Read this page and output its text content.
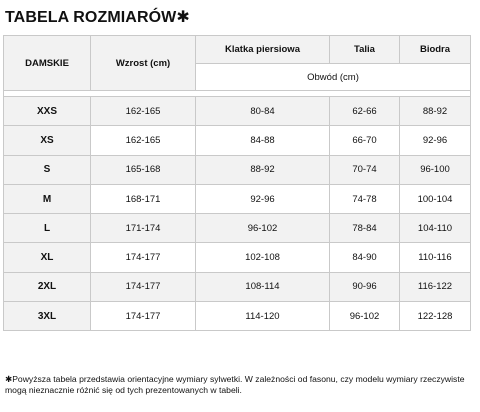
TABELA ROZMIARÓW✱
DAMSKIE	Wzrost (cm)	Klatka piersiowa	Talia	Biodra
		Obwód (cm)		

XXS	162-165	80-84	62-66	88-92
XS	162-165	84-88	66-70	92-96
S	165-168	88-92	70-74	96-100
M	168-171	92-96	74-78	100-104
L	171-174	96-102	78-84	104-110
XL	174-177	102-108	84-90	110-116
2XL	174-177	108-114	90-96	116-122
3XL	174-177	114-120	96-102	122-128
✱Powyższa tabela przedstawia orientacyjne wymiary sylwetki. W zależności od fasonu, czy modelu wymiary rzeczywiste mogą nieznacznie różnić się od tych prezentowanych w tabeli.
